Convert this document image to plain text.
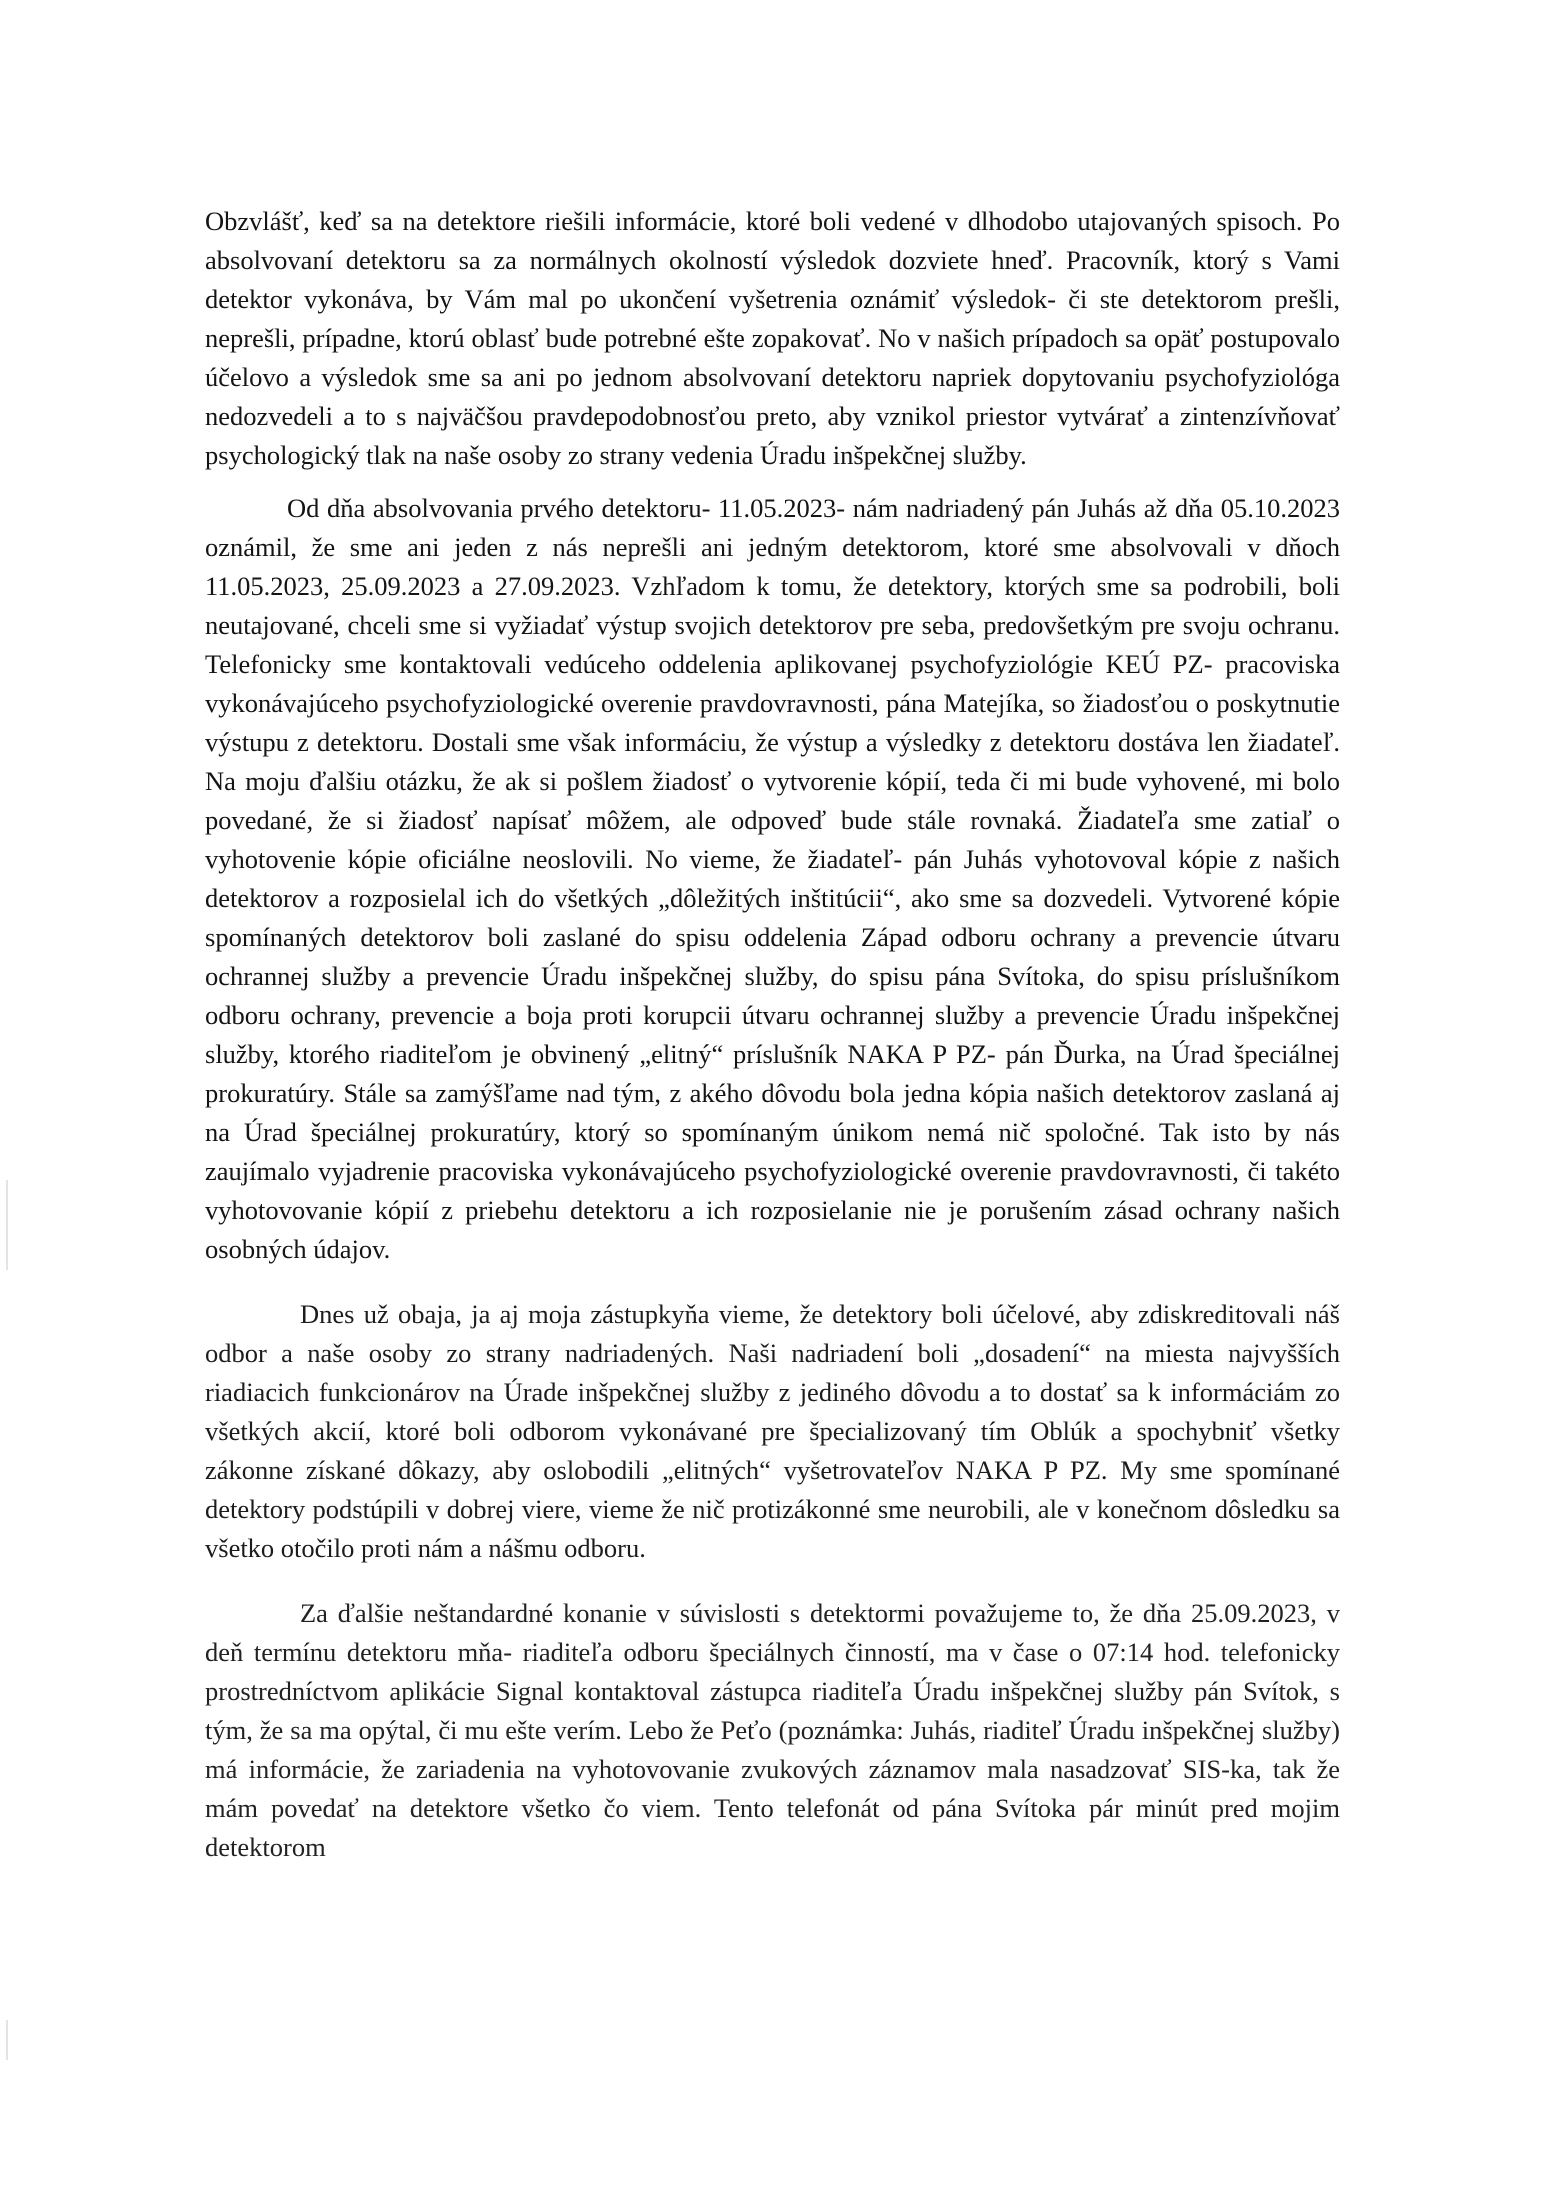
Obzvlášť, keď sa na detektore riešili informácie, ktoré boli vedené v dlhodobo utajovaných spisoch. Po absolvovaní detektoru sa za normálnych okolností výsledok dozviete hneď. Pracovník, ktorý s Vami detektor vykonáva, by Vám mal po ukončení vyšetrenia oznámiť výsledok- či ste detektorom prešli, neprešli, prípadne, ktorú oblasť bude potrebné ešte zopakovať. No v našich prípadoch sa opäť postupovalo účelovo a výsledok sme sa ani po jednom absolvovaní detektoru napriek dopytovaniu psychofyziológa nedozvedeli a to s najväčšou pravdepodobnosťou preto, aby vznikol priestor vytvárať a zintenzívňovať psychologický tlak na naše osoby zo strany vedenia Úradu inšpekčnej služby.

Od dňa absolvovania prvého detektoru- 11.05.2023- nám nadriadený pán Juhás až dňa 05.10.2023 oznámil, že sme ani jeden z nás neprešli ani jedným detektorom, ktoré sme absolvovali v dňoch 11.05.2023, 25.09.2023 a 27.09.2023. Vzhľadom k tomu, že detektory, ktorých sme sa podrobili, boli neutajované, chceli sme si vyžiadať výstup svojich detektorov pre seba, predovšetkým pre svoju ochranu. Telefonicky sme kontaktovali vedúceho oddelenia aplikovanej psychofyziológie KEÚ PZ- pracoviska vykonávajúceho psychofyziologické overenie pravdovravnosti, pána Matejíka, so žiadosťou o poskytnutie výstupu z detektoru. Dostali sme však informáciu, že výstup a výsledky z detektoru dostáva len žiadateľ. Na moju ďalšiu otázku, že ak si pošlem žiadosť o vytvorenie kópií, teda či mi bude vyhovené, mi bolo povedané, že si žiadosť napísať môžem, ale odpoveď bude stále rovnaká. Žiadateľa sme zatiaľ o vyhotovenie kópie oficiálne neoslovili. No vieme, že žiadateľ- pán Juhás vyhotovoval kópie z našich detektorov a rozposielal ich do všetkých „dôležitých inštitúcii“, ako sme sa dozvedeli. Vytvorené kópie spomínaných detektorov boli zaslané do spisu oddelenia Západ odboru ochrany a prevencie útvaru ochrannej služby a prevencie Úradu inšpekčnej služby, do spisu pána Svítoka, do spisu príslušníkom odboru ochrany, prevencie a boja proti korupcii útvaru ochrannej služby a prevencie Úradu inšpekčnej služby, ktorého riaditeľom je obvinený „elitný“ príslušník NAKA P PZ- pán Ďurka, na Úrad špeciálnej prokuratúry. Stále sa zamýšľame nad tým, z akého dôvodu bola jedna kópia našich detektorov zaslaná aj na Úrad špeciálnej prokuratúry, ktorý so spomínaným únikom nemá nič spoločné. Tak isto by nás zaujímalo vyjadrenie pracoviska vykonávajúceho psychofyziologické overenie pravdovravnosti, či takéto vyhotovovanie kópií z priebehu detektoru a ich rozposielanie nie je porušením zásad ochrany našich osobných údajov.

Dnes už obaja, ja aj moja zástupkyňa vieme, že detektory boli účelové, aby zdiskreditovali náš odbor a naše osoby zo strany nadriadených. Naši nadriadení boli „dosadení“ na miesta najvyšších riadiacich funkcionárov na Úrade inšpekčnej služby z jediného dôvodu a to dostať sa k informáciám zo všetkých akcií, ktoré boli odborom vykonávané pre špecializovaný tím Oblúk a spochybniť všetky zákonne získané dôkazy, aby oslobodili „elitných“ vyšetrovateľov NAKA P PZ. My sme spomínané detektory podstúpili v dobrej viere, vieme že nič protizákonné sme neurobili, ale v konečnom dôsledku sa všetko otočilo proti nám a nášmu odboru.

Za ďalšie neštandardné konanie v súvislosti s detektormi považujeme to, že dňa 25.09.2023, v deň termínu detektoru mňa- riaditeľa odboru špeciálnych činností, ma v čase o 07:14 hod. telefonicky prostredníctvom aplikácie Signal kontaktoval zástupca riaditeľa Úradu inšpekčnej služby pán Svítok, s tým, že sa ma opýtal, či mu ešte verím. Lebo že Peťo (poznámka: Juhás, riaditeľ Úradu inšpekčnej služby) má informácie, že zariadenia na vyhotovovanie zvukových záznamov mala nasadzovať SIS-ka, tak že mám povedať na detektore všetko čo viem. Tento telefonát od pána Svítoka pár minút pred mojim detektorom
